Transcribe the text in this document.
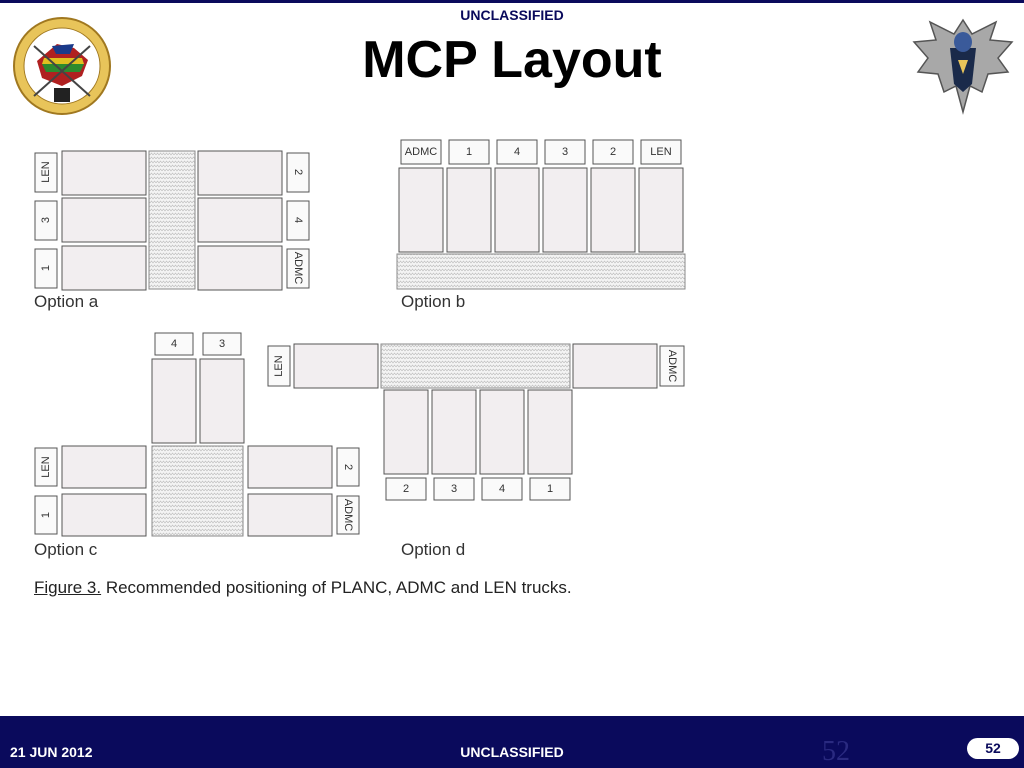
UNCLASSIFIED
MCP Layout
LEN
3
1
2
4
ADMC
Option a
ADMC	1	4	3	2	LEN
Option b
4	3
LEN
1
2
ADMC
Option c
LEN	ADMC
2	3	4	1
Option d
Figure 3. Recommended positioning of PLANC, ADMC and LEN trucks.
21 JUN 2012	UNCLASSIFIED	52	52
